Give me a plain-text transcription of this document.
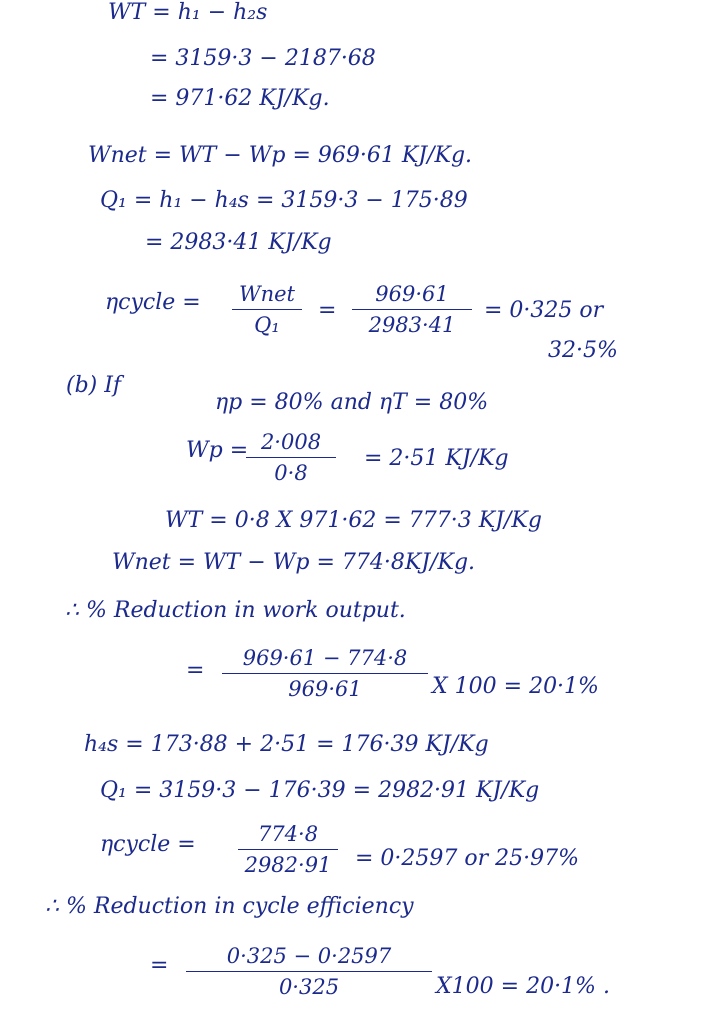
WT = h₁ − h₂s
= 3159·3 − 2187·68
= 971·62 KJ/Kg.
Wnet = WT − Wp = 969·61 KJ/Kg.
Q₁ = h₁ − h₄s = 3159·3 − 175·89
= 2983·41 KJ/Kg
ηcycle =	Wnet
Q₁
= $\frac{969\cdot 61}{2983\cdot 41} = 0\cdot 325$ or
32·5%
(b) If
ηp = 80% and ηT = 80%
Wp =
$\frac{2\cdot 008}{0\cdot 8} = 2\cdot 51$ KJ/Kg
WT = 0·8 X 971·62 = 777·3 KJ/Kg
Wnet = WT − Wp = 774·8KJ/Kg.
∴ % Reduction in work output.
= $\frac{969\cdot 61 - 774\cdot 8}{969\cdot 61}$ X 100 = 20·1%
h₄s = 173·88 + 2·51 = 176·39 KJ/Kg
Q₁ = 3159·3 − 176·39 = 2982·91 KJ/Kg
ηcycle = $\frac{774\cdot 8}{2982\cdot 91} = 0\cdot 2597$ or 25·97%
∴ % Reduction in cycle efficiency
= $\frac{0\cdot 325 - 0\cdot 2597}{0\cdot 325} X100 = 20\cdot 1\%$ .
